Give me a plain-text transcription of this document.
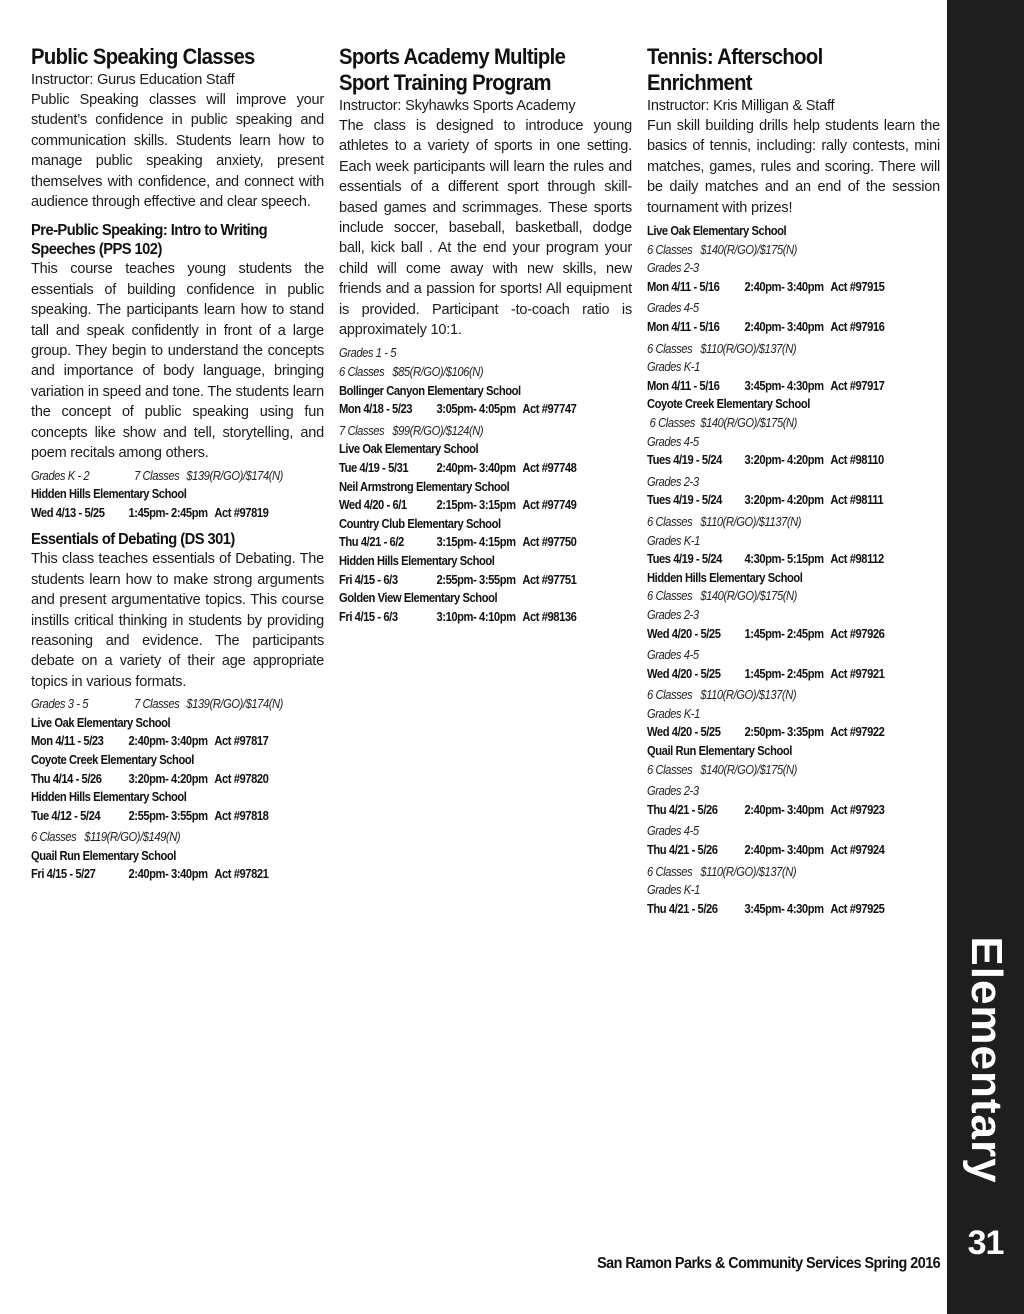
Public Speaking Classes

Instructor: Gurus Education Staff

Public Speaking classes will improve your student’s confidence in public speaking and communication skills. Students learn how to manage public speaking anxiety, present themselves with confidence, and connect with audience through effective and clear speech.

Pre-Public Speaking: Intro to Writing Speeches (PPS 102)

This course teaches young students the essentials of building confidence in public speaking. The participants learn how to stand tall and speak confidently in front of a large group. They begin to understand the concepts and importance of body language, bringing variation in speed and tone. The students learn the concept of public speaking using fun concepts like show and tell, storytelling, and poem recitals among others.

Grades K - 2	7 Classes $139(R/GO)/$174(N)
Hidden Hills Elementary School
Wed 4/13 - 5/25	1:45pm- 2:45pm Act #97819
Essentials of Debating (DS 301)

This class teaches essentials of Debating. The students learn how to make strong arguments and present argumentative topics. This course instills critical thinking in students by providing reasoning and evidence. The participants debate on a variety of their age appropriate topics in various formats.

Grades 3 - 5	7 Classes $139(R/GO)/$174(N)
Live Oak Elementary School
Mon 4/11 - 5/23	2:40pm- 3:40pm Act #97817
Coyote Creek Elementary School
Thu 4/14 - 5/26	3:20pm- 4:20pm Act #97820
Hidden Hills Elementary School
Tue 4/12 - 5/24	2:55pm- 3:55pm Act #97818
6 Classes $119(R/GO)/$149(N)
Quail Run Elementary School
Fri 4/15 - 5/27	2:40pm- 3:40pm Act #97821
Sports Academy Multiple
Sport Training Program

Instructor: Skyhawks Sports Academy

The class is designed to introduce young athletes to a variety of sports in one setting. Each week participants will learn the rules and essentials of a different sport through skill-based games and scrimmages. These sports include soccer, baseball, basketball, dodge ball, kick ball . At the end your program your child will come away with new skills, new friends and a passion for sports! All equipment is provided. Participant -to-coach ratio is approximately 10:1.

Grades 1 - 5
6 Classes $85(R/GO)/$106(N)
Bollinger Canyon Elementary School
Mon 4/18 - 5/23	3:05pm- 4:05pm Act #97747
7 Classes $99(R/GO)/$124(N)
Live Oak Elementary School
Tue 4/19 - 5/31	2:40pm- 3:40pm Act #97748
Neil Armstrong Elementary School
Wed 4/20 - 6/1	2:15pm- 3:15pm Act #97749
Country Club Elementary School
Thu 4/21 - 6/2	3:15pm- 4:15pm Act #97750
Hidden Hills Elementary School
Fri 4/15 - 6/3	2:55pm- 3:55pm Act #97751
Golden View Elementary School
Fri 4/15 - 6/3	3:10pm- 4:10pm Act #98136
Tennis: Afterschool
Enrichment

Instructor: Kris Milligan & Staff

Fun skill building drills help students learn the basics of tennis, including: rally contests, mini matches, games, rules and scoring. There will be daily matches and an end of the session tournament with prizes!

Live Oak Elementary School
6 Classes $140(R/GO)/$175(N)
Grades 2-3
Mon 4/11 - 5/16	2:40pm- 3:40pm Act #97915
Grades 4-5
Mon 4/11 - 5/16	2:40pm- 3:40pm Act #97916
6 Classes $110(R/GO)/$137(N)
Grades K-1
Mon 4/11 - 5/16	3:45pm- 4:30pm Act #97917
Coyote Creek Elementary School
6 Classes $140(R/GO)/$175(N)
Grades 4-5
Tues 4/19 - 5/24	3:20pm- 4:20pm Act #98110
Grades 2-3
Tues 4/19 - 5/24	3:20pm- 4:20pm Act #98111
6 Classes $110(R/GO)/$1137(N)
Grades K-1
Tues 4/19 - 5/24	4:30pm- 5:15pm Act #98112
Hidden Hills Elementary School
6 Classes $140(R/GO)/$175(N)
Grades 2-3
Wed 4/20 - 5/25	1:45pm- 2:45pm Act #97926
Grades 4-5
Wed 4/20 - 5/25	1:45pm- 2:45pm Act #97921
6 Classes $110(R/GO)/$137(N)
Grades K-1
Wed 4/20 - 5/25	2:50pm- 3:35pm Act #97922
Quail Run Elementary School
6 Classes $140(R/GO)/$175(N)
Grades 2-3
Thu 4/21 - 5/26	2:40pm- 3:40pm Act #97923
Grades 4-5
Thu 4/21 - 5/26	2:40pm- 3:40pm Act #97924
6 Classes $110(R/GO)/$137(N)
Grades K-1
Thu 4/21 - 5/26	3:45pm- 4:30pm Act #97925
Elementary
31
San Ramon Parks & Community Services Spring 2016
